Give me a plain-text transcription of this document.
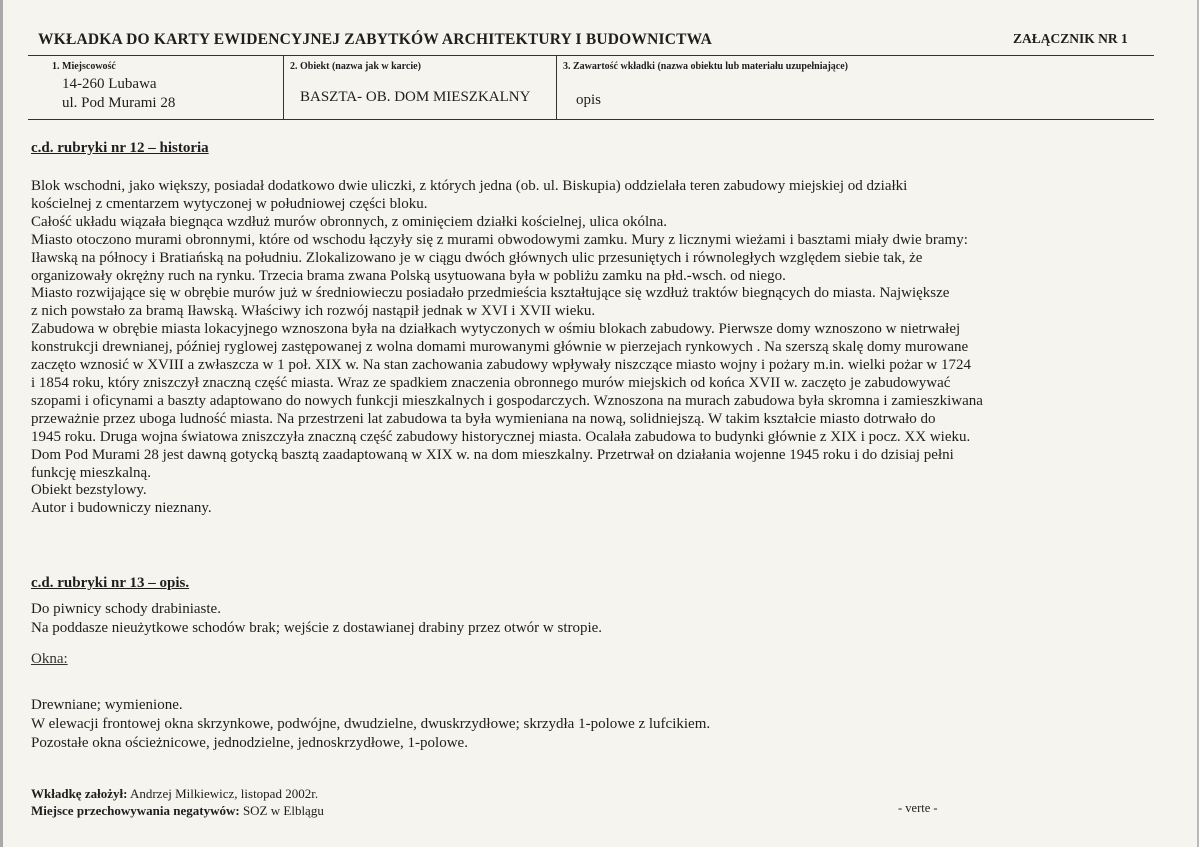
WKŁADKA DO KARTY EWIDENCYJNEJ ZABYTKÓW ARCHITEKTURY I BUDOWNICTWA	ZAŁĄCZNIK NR 1
1. Miejscowość
14-260 Lubawa
ul. Pod Murami 28
2. Obiekt (nazwa jak w karcie)
BASZTA- OB. DOM MIESZKALNY
3. Zawartość wkładki (nazwa obiektu lub materiału uzupełniające)
opis
c.d. rubryki nr 12 – historia

Blok wschodni, jako większy, posiadał dodatkowo dwie uliczki, z których jedna (ob. ul. Biskupia) oddzielała teren zabudowy miejskiej od działki

kościelnej z cmentarzem wytyczonej w południowej części bloku.

Całość układu wiązała biegnąca wzdłuż murów obronnych, z ominięciem działki kościelnej, ulica okólna.

Miasto otoczono murami obronnymi, które od wschodu łączyły się z murami obwodowymi zamku. Mury z licznymi wieżami i basztami miały dwie bramy:

Iławską na północy i Bratiańską na południu. Zlokalizowano je w ciągu dwóch głównych ulic przesuniętych i równoległych względem siebie tak, że

organizowały okrężny ruch na rynku. Trzecia brama zwana Polską usytuowana była w pobliżu zamku na płd.-wsch. od niego.

Miasto rozwijające się w obrębie murów już w średniowieczu posiadało przedmieścia kształtujące się wzdłuż traktów biegnących do miasta. Największe

z nich powstało za bramą Iławską. Właściwy ich rozwój nastąpił jednak w XVI i XVII wieku.

Zabudowa w obrębie miasta lokacyjnego wznoszona była na działkach wytyczonych w ośmiu blokach zabudowy. Pierwsze domy wznoszono w nietrwałej

konstrukcji drewnianej, później ryglowej zastępowanej z wolna domami murowanymi głównie w pierzejach rynkowych . Na szerszą skalę domy murowane

zaczęto wznosić w XVIII a zwłaszcza w 1 poł. XIX w. Na stan zachowania zabudowy wpływały niszczące miasto wojny i pożary m.in. wielki pożar w 1724

i 1854 roku, który zniszczył znaczną część miasta. Wraz ze spadkiem znaczenia obronnego murów miejskich od końca XVII w. zaczęto je zabudowywać

szopami i oficynami a baszty adaptowano do nowych funkcji mieszkalnych i gospodarczych. Wznoszona na murach zabudowa była skromna i zamieszkiwana

przeważnie przez uboga ludność miasta. Na przestrzeni lat zabudowa ta była wymieniana na nową, solidniejszą. W takim kształcie miasto dotrwało do

1945 roku. Druga wojna światowa zniszczyła znaczną część zabudowy historycznej miasta. Ocalała zabudowa to budynki głównie z XIX i pocz. XX wieku.

Dom Pod Murami 28 jest dawną gotycką basztą zaadaptowaną w XIX w. na dom mieszkalny. Przetrwał on działania wojenne 1945 roku i do dzisiaj pełni

funkcję mieszkalną.

Obiekt bezstylowy.

Autor i budowniczy nieznany.

c.d. rubryki nr 13 – opis.

Do piwnicy schody drabiniaste.

Na poddasze nieużytkowe schodów brak; wejście z dostawianej drabiny przez otwór w stropie.

Okna:

Drewniane; wymienione.

W elewacji frontowej okna skrzynkowe, podwójne, dwudzielne, dwuskrzydłowe; skrzydła 1-polowe z lufcikiem.

Pozostałe okna ościeżnicowe, jednodzielne, jednoskrzydłowe, 1-polowe.

Wkładkę założył: Andrzej Milkiewicz, listopad 2002r.
Miejsce przechowywania negatywów: SOZ w Elblągu	- verte -
